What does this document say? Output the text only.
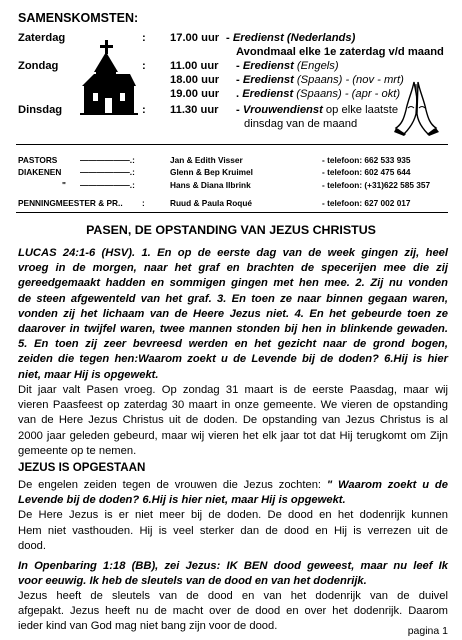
SAMENSKOMSTEN:
Zaterdag	: 17.00 uur - Eredienst (Nederlands)
Avondmaal elke 1e zaterdag v/d maand
Zondag	: 11.00 uur - Eredienst (Engels)
18.00 uur - Eredienst (Spaans) - (nov - mrt)
19.00 uur . Eredienst (Spaans) - (apr - okt)
Dinsdag	: 11.30 uur - Vrouwendienst op elke laatste
dinsdag van de maand
PASTORS	——————.:	Jan & Edith Visser	- telefoon: 662 533 935
DIAKENEN ——————.:	Glenn & Bep Kruimel	- telefoon: 602 475 644
" ——————.:	Hans & Diana Ilbrink	- telefoon: (+31)622 585 357
PENNINGMEESTER & PR.. :	Ruud & Paula Roqué	- telefoon: 627 002 017
PASEN, DE OPSTANDING VAN JEZUS CHRISTUS
LUCAS 24:1-6 (HSV). 1. En op de eerste dag van de week gingen zij, heel
vroeg in de morgen, naar het graf en brachten de specerijen mee die zij
gereedgemaakt hadden en sommigen gingen met hen mee. 2. Zij nu vonden
de steen afgewenteld van het graf. 3. En toen ze naar binnen gegaan waren,
vonden zij het lichaam van de Heere Jezus niet. 4. En het gebeurde toen ze
daarover in twijfel waren, twee mannen stonden bij hen in blinkende gewaden.
5. En toen zij zeer bevreesd werden en het gezicht naar de grond bogen,
zeiden die tegen hen:Waarom zoekt u de Levende bij de doden? 6.Hij is hier
niet, maar Hij is opgewekt.
Dit jaar valt Pasen vroeg. Op zondag 31 maart is de eerste Paasdag, maar wij
vieren Paasfeest op zaterdag 30 maart in onze gemeente. We vieren de opstanding
van de Here Jezus Christus uit de doden. De opstanding van Jezus Christus is al
2000 jaar geleden gebeurd, maar wij vieren het elk jaar tot dat Hij terugkomt om Zijn
gemeente op te nemen.
JEZUS IS OPGESTAAN
De engelen zeiden tegen de vrouwen die Jezus zochten: " Waarom zoekt u de
Levende bij de doden? 6.Hij is hier niet, maar Hij is opgewekt.
De Here Jezus is er niet meer bij de doden. De dood en het dodenrijk kunnen
Hem niet vasthouden. Hij is veel sterker dan de dood en Hij is verrezen uit de
dood.
In Openbaring 1:18 (BB), zei Jezus: IK BEN dood geweest, maar nu leef Ik
voor eeuwig. Ik heb de sleutels van de dood en van het dodenrijk.
Jezus heeft de sleutels van de dood en van het dodenrijk van de duivel
afgepakt. Jezus heeft nu de macht over de dood en over het dodenrijk. Daarom
ieder kind van God mag niet bang zijn voor de dood.	pagina 1
